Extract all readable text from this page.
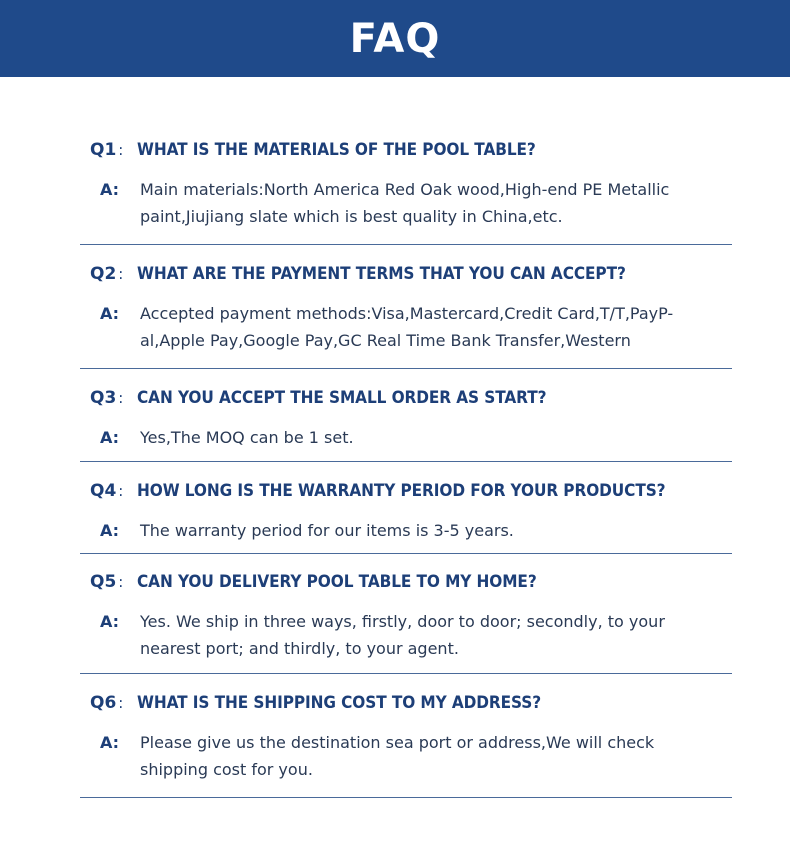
FAQ
Q1 : WHAT IS THE MATERIALS OF THE POOL TABLE?
A:	Main materials:North America Red Oak wood,High-end PE Metallic
paint,Jiujiang slate which is best quality in China,etc.
Q2 : WHAT ARE THE PAYMENT TERMS THAT YOU CAN ACCEPT?
A:	Accepted payment methods:Visa,Mastercard,Credit Card,T/T,PayP-
al,Apple Pay,Google Pay,GC Real Time Bank Transfer,Western
Q3 : CAN YOU ACCEPT THE SMALL ORDER AS START?
A:	Yes,The MOQ can be 1 set.
Q4 : HOW LONG IS THE WARRANTY PERIOD FOR YOUR PRODUCTS?
A:	The warranty period for our items is 3-5 years.
Q5 : CAN YOU DELIVERY POOL TABLE TO MY HOME?
A:	Yes. We ship in three ways, firstly, door to door; secondly, to your
nearest port; and thirdly, to your agent.
Q6 : WHAT IS THE SHIPPING COST TO MY ADDRESS?
A:	Please give us the destination sea port or address,We will check
shipping cost for you.
